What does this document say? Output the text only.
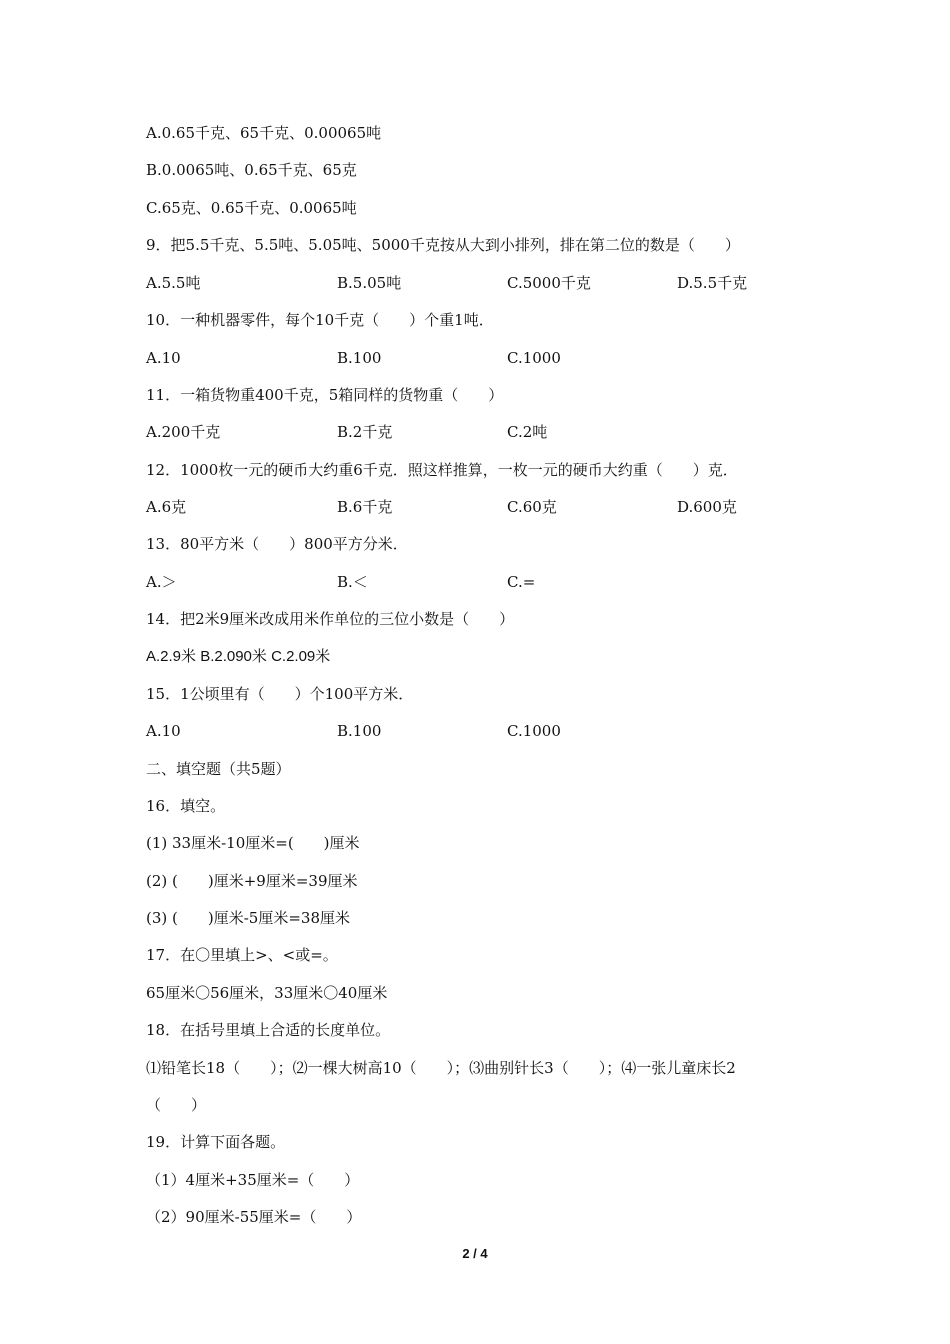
A.0.65千克、65千克、0.00065吨
B.0.0065吨、0.65千克、65克
C.65克、0.65千克、0.0065吨
9．把5.5千克、5.5吨、5.05吨、5000千克按从大到小排列，排在第二位的数是（　　）
A.5.5吨	B.5.05吨	C.5000千克	D.5.5千克
10．一种机器零件，每个10千克（　　）个重1吨．
A.10	B.100	C.1000
11．一箱货物重400千克，5箱同样的货物重（　　）
A.200千克	B.2千克	C.2吨
12．1000枚一元的硬币大约重6千克．照这样推算，一枚一元的硬币大约重（　　）克．
A.6克	B.6千克	C.60克	D.600克
13．80平方米（　　）800平方分米．
A.＞	B.＜	C.=
14．把2米9厘米改成用米作单位的三位小数是（　　）
A.2.9米 B.2.090米 C.2.09米
15．1公顷里有（　　）个100平方米．
A.10	B.100	C.1000
二、填空题（共5题）
16．填空。
(1) 33厘米-10厘米=(　　)厘米
(2) (　　)厘米+9厘米=39厘米
(3) (　　)厘米-5厘米=38厘米
17．在〇里填上>、<或=。
65厘米〇56厘米，33厘米〇40厘米
18．在括号里填上合适的长度单位。
⑴铅笔长18（　　）；⑵一棵大树高10（　　）；⑶曲别针长3（　　）；⑷一张儿童床长2
（　　）
19．计算下面各题。
（1）4厘米+35厘米=（　　）
（2）90厘米-55厘米=（　　）
2 / 4
